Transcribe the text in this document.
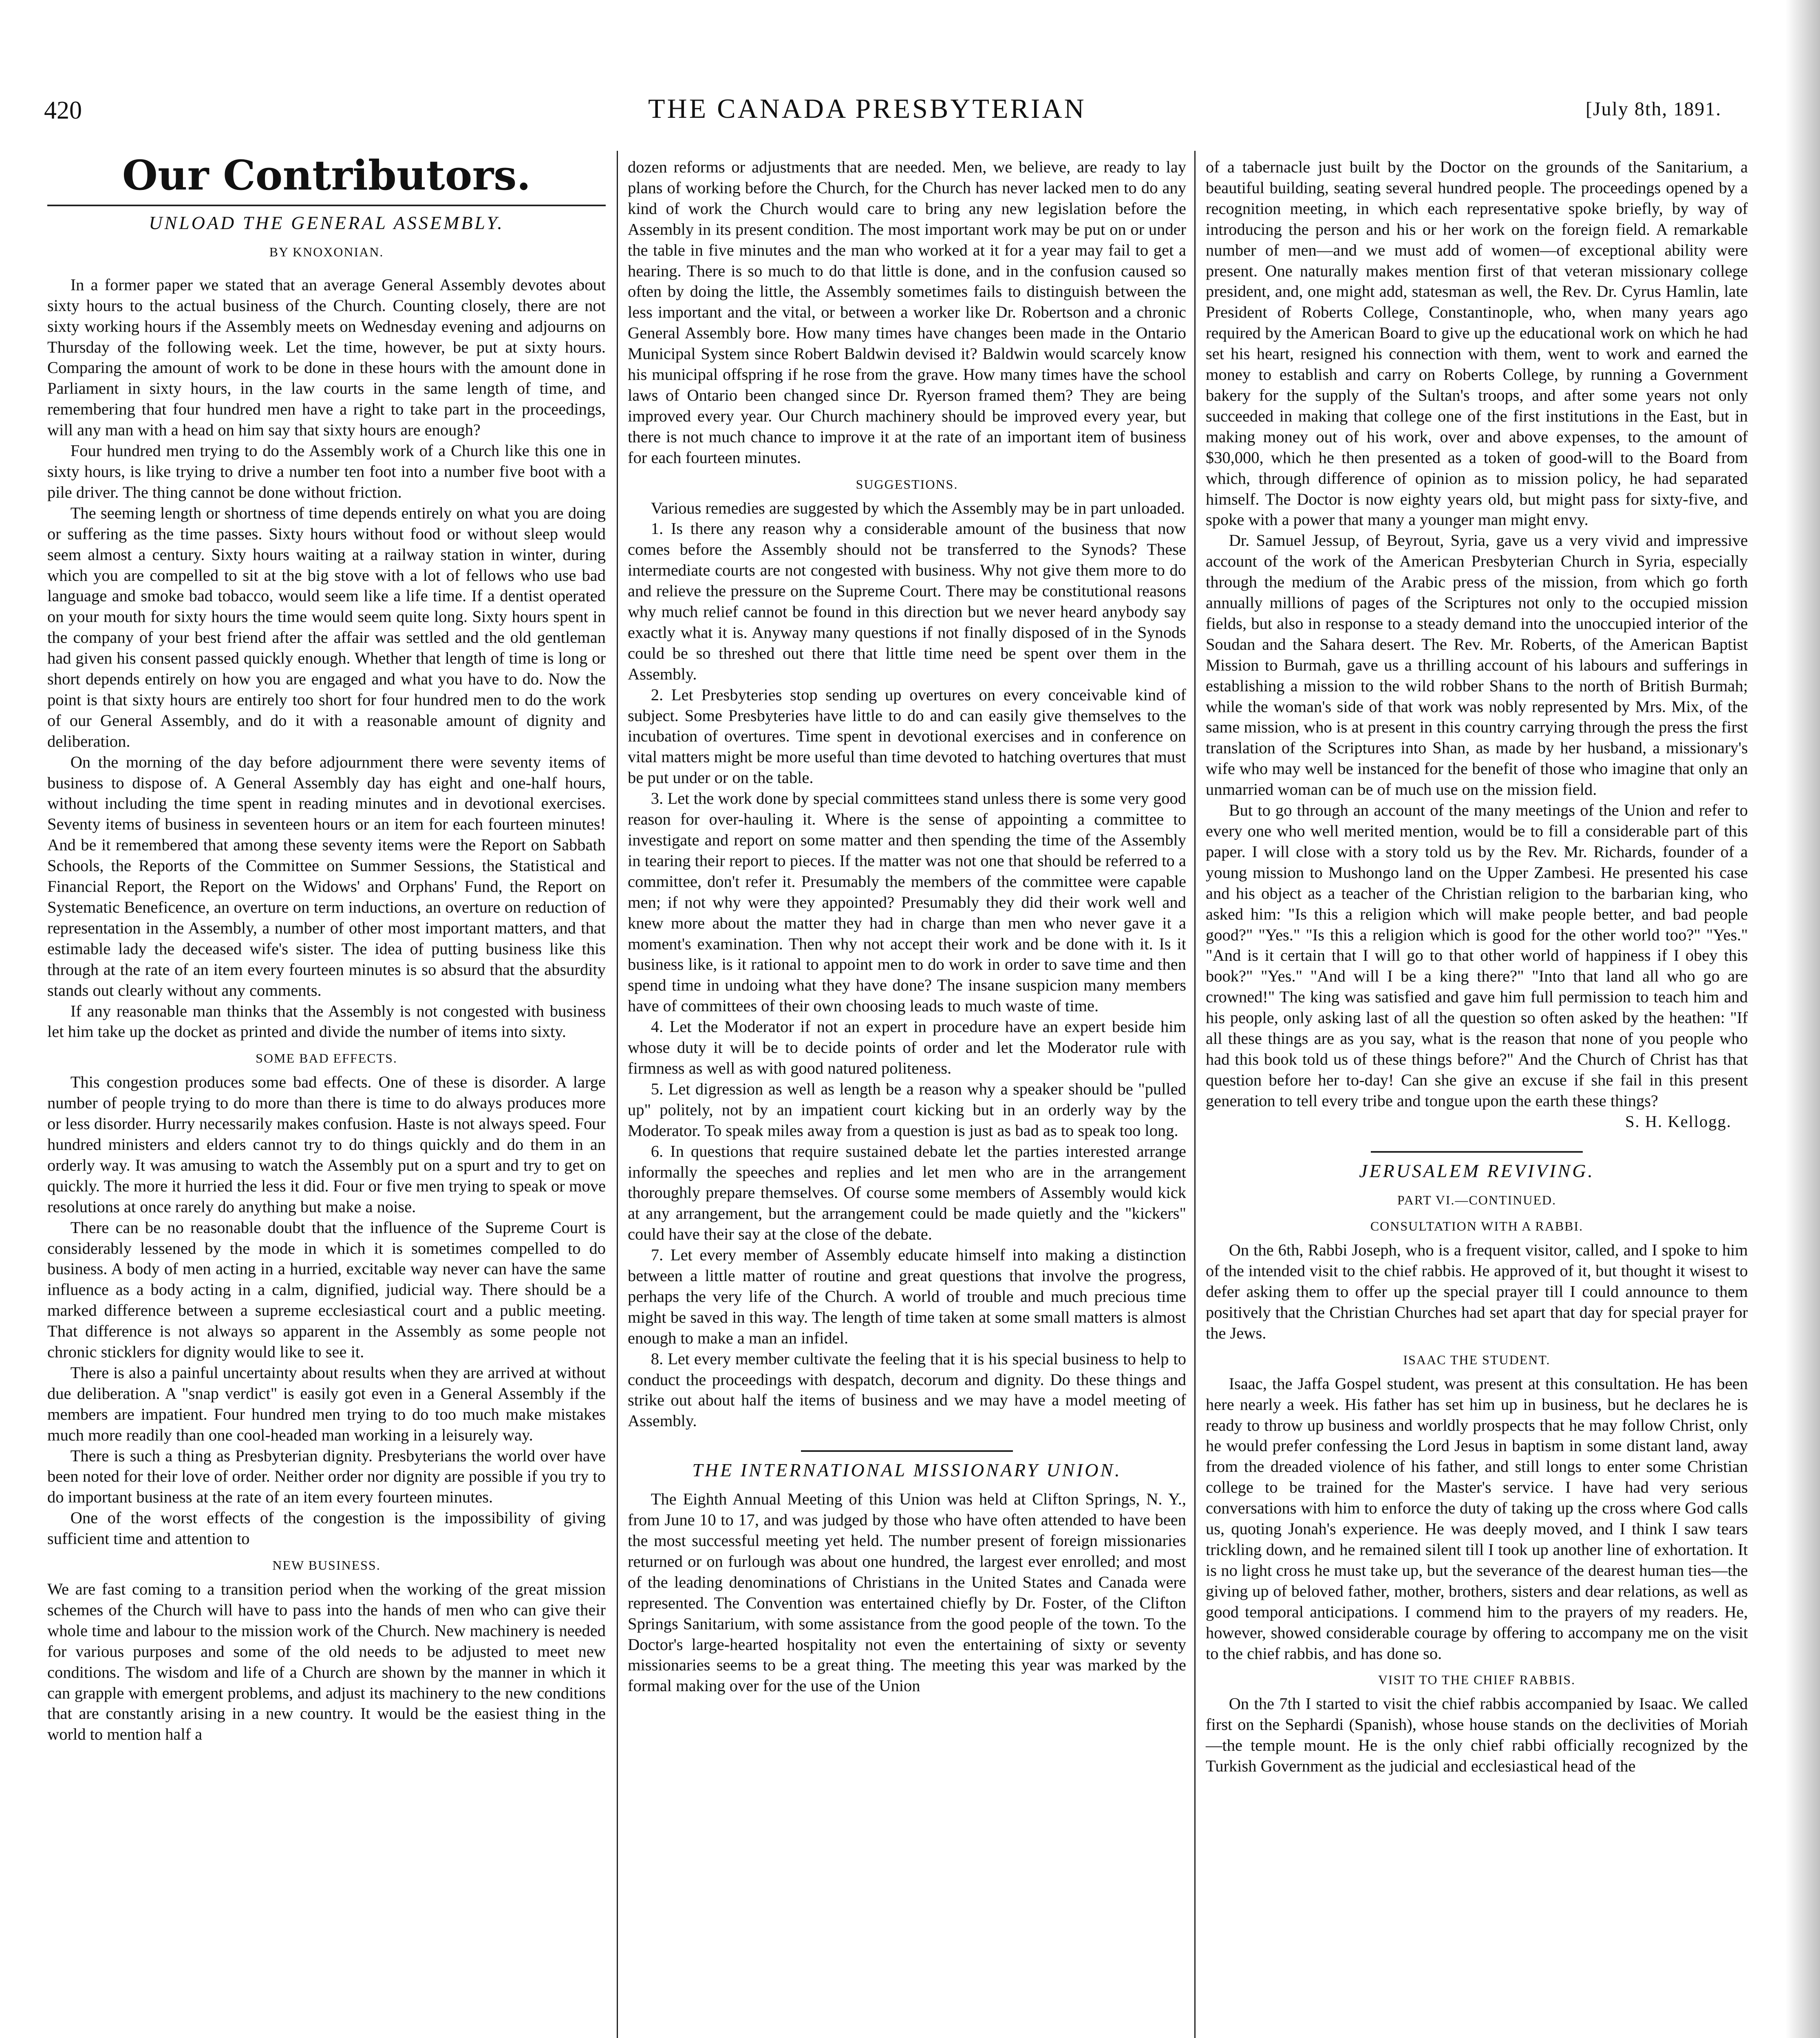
420	THE CANADA PRESBYTERIAN	[July 8th, 1891.
Our Contributors.
UNLOAD THE GENERAL ASSEMBLY.
BY KNOXONIAN.

In a former paper we stated that an average General Assembly devotes about sixty hours to the actual business of the Church. Counting closely, there are not sixty working hours if the Assembly meets on Wednesday evening and adjourns on Thursday of the following week. Let the time, however, be put at sixty hours. Comparing the amount of work to be done in these hours with the amount done in Parliament in sixty hours, in the law courts in the same length of time, and remembering that four hundred men have a right to take part in the proceedings, will any man with a head on him say that sixty hours are enough?

Four hundred men trying to do the Assembly work of a Church like this one in sixty hours, is like trying to drive a number ten foot into a number five boot with a pile driver. The thing cannot be done without friction.

The seeming length or shortness of time depends entirely on what you are doing or suffering as the time passes. Sixty hours without food or without sleep would seem almost a century. Sixty hours waiting at a railway station in winter, during which you are compelled to sit at the big stove with a lot of fellows who use bad language and smoke bad tobacco, would seem like a life time. If a dentist operated on your mouth for sixty hours the time would seem quite long. Sixty hours spent in the company of your best friend after the affair was settled and the old gentleman had given his consent passed quickly enough. Whether that length of time is long or short depends entirely on how you are engaged and what you have to do. Now the point is that sixty hours are entirely too short for four hundred men to do the work of our General Assembly, and do it with a reasonable amount of dignity and deliberation.

On the morning of the day before adjournment there were seventy items of business to dispose of. A General Assembly day has eight and one-half hours, without including the time spent in reading minutes and in devotional exercises. Seventy items of business in seventeen hours or an item for each fourteen minutes! And be it remembered that among these seventy items were the Report on Sabbath Schools, the Reports of the Committee on Summer Sessions, the Statistical and Financial Report, the Report on the Widows' and Orphans' Fund, the Report on Systematic Beneficence, an overture on term inductions, an overture on reduction of representation in the Assembly, a number of other most important matters, and that estimable lady the deceased wife's sister. The idea of putting business like this through at the rate of an item every fourteen minutes is so absurd that the absurdity stands out clearly without any comments.

If any reasonable man thinks that the Assembly is not congested with business let him take up the docket as printed and divide the number of items into sixty.

SOME BAD EFFECTS.

This congestion produces some bad effects. One of these is disorder. A large number of people trying to do more than there is time to do always produces more or less disorder. Hurry necessarily makes confusion. Haste is not always speed. Four hundred ministers and elders cannot try to do things quickly and do them in an orderly way. It was amusing to watch the Assembly put on a spurt and try to get on quickly. The more it hurried the less it did. Four or five men trying to speak or move resolutions at once rarely do anything but make a noise.

There can be no reasonable doubt that the influence of the Supreme Court is considerably lessened by the mode in which it is sometimes compelled to do business. A body of men acting in a hurried, excitable way never can have the same influence as a body acting in a calm, dignified, judicial way. There should be a marked difference between a supreme ecclesiastical court and a public meeting. That difference is not always so apparent in the Assembly as some people not chronic sticklers for dignity would like to see it.

There is also a painful uncertainty about results when they are arrived at without due deliberation. A "snap verdict" is easily got even in a General Assembly if the members are impatient. Four hundred men trying to do too much make mistakes much more readily than one cool-headed man working in a leisurely way.

There is such a thing as Presbyterian dignity. Presbyterians the world over have been noted for their love of order. Neither order nor dignity are possible if you try to do important business at the rate of an item every fourteen minutes.

One of the worst effects of the congestion is the impossibility of giving sufficient time and attention to

NEW BUSINESS.

We are fast coming to a transition period when the working of the great mission schemes of the Church will have to pass into the hands of men who can give their whole time and labour to the mission work of the Church. New machinery is needed for various purposes and some of the old needs to be adjusted to meet new conditions. The wisdom and life of a Church are shown by the manner in which it can grapple with emergent problems, and adjust its machinery to the new conditions that are constantly arising in a new country. It would be the easiest thing in the world to mention half a

dozen reforms or adjustments that are needed. Men, we believe, are ready to lay plans of working before the Church, for the Church has never lacked men to do any kind of work the Church would care to bring any new legislation before the Assembly in its present condition. The most important work may be put on or under the table in five minutes and the man who worked at it for a year may fail to get a hearing. There is so much to do that little is done, and in the confusion caused so often by doing the little, the Assembly sometimes fails to distinguish between the less important and the vital, or between a worker like Dr. Robertson and a chronic General Assembly bore. How many times have changes been made in the Ontario Municipal System since Robert Baldwin devised it? Baldwin would scarcely know his municipal offspring if he rose from the grave. How many times have the school laws of Ontario been changed since Dr. Ryerson framed them? They are being improved every year. Our Church machinery should be improved every year, but there is not much chance to improve it at the rate of an important item of business for each fourteen minutes.

SUGGESTIONS.

Various remedies are suggested by which the Assembly may be in part unloaded.

1. Is there any reason why a considerable amount of the business that now comes before the Assembly should not be transferred to the Synods? These intermediate courts are not congested with business. Why not give them more to do and relieve the pressure on the Supreme Court. There may be constitutional reasons why much relief cannot be found in this direction but we never heard anybody say exactly what it is. Anyway many questions if not finally disposed of in the Synods could be so threshed out there that little time need be spent over them in the Assembly.

2. Let Presbyteries stop sending up overtures on every conceivable kind of subject. Some Presbyteries have little to do and can easily give themselves to the incubation of overtures. Time spent in devotional exercises and in conference on vital matters might be more useful than time devoted to hatching overtures that must be put under or on the table.

3. Let the work done by special committees stand unless there is some very good reason for over-hauling it. Where is the sense of appointing a committee to investigate and report on some matter and then spending the time of the Assembly in tearing their report to pieces. If the matter was not one that should be referred to a committee, don't refer it. Presumably the members of the committee were capable men; if not why were they appointed? Presumably they did their work well and knew more about the matter they had in charge than men who never gave it a moment's examination. Then why not accept their work and be done with it. Is it business like, is it rational to appoint men to do work in order to save time and then spend time in undoing what they have done? The insane suspicion many members have of committees of their own choosing leads to much waste of time.

4. Let the Moderator if not an expert in procedure have an expert beside him whose duty it will be to decide points of order and let the Moderator rule with firmness as well as with good natured politeness.

5. Let digression as well as length be a reason why a speaker should be "pulled up" politely, not by an impatient court kicking but in an orderly way by the Moderator. To speak miles away from a question is just as bad as to speak too long.

6. In questions that require sustained debate let the parties interested arrange informally the speeches and replies and let men who are in the arrangement thoroughly prepare themselves. Of course some members of Assembly would kick at any arrangement, but the arrangement could be made quietly and the "kickers" could have their say at the close of the debate.

7. Let every member of Assembly educate himself into making a distinction between a little matter of routine and great questions that involve the progress, perhaps the very life of the Church. A world of trouble and much precious time might be saved in this way. The length of time taken at some small matters is almost enough to make a man an infidel.

8. Let every member cultivate the feeling that it is his special business to help to conduct the proceedings with despatch, decorum and dignity. Do these things and strike out about half the items of business and we may have a model meeting of Assembly.

THE INTERNATIONAL MISSIONARY UNION.

The Eighth Annual Meeting of this Union was held at Clifton Springs, N. Y., from June 10 to 17, and was judged by those who have often attended to have been the most successful meeting yet held. The number present of foreign missionaries returned or on furlough was about one hundred, the largest ever enrolled; and most of the leading denominations of Christians in the United States and Canada were represented. The Convention was entertained chiefly by Dr. Foster, of the Clifton Springs Sanitarium, with some assistance from the good people of the town. To the Doctor's large-hearted hospitality not even the entertaining of sixty or seventy missionaries seems to be a great thing. The meeting this year was marked by the formal making over for the use of the Union

of a tabernacle just built by the Doctor on the grounds of the Sanitarium, a beautiful building, seating several hundred people. The proceedings opened by a recognition meeting, in which each representative spoke briefly, by way of introducing the person and his or her work on the foreign field. A remarkable number of men—and we must add of women—of exceptional ability were present. One naturally makes mention first of that veteran missionary college president, and, one might add, statesman as well, the Rev. Dr. Cyrus Hamlin, late President of Roberts College, Constantinople, who, when many years ago required by the American Board to give up the educational work on which he had set his heart, resigned his connection with them, went to work and earned the money to establish and carry on Roberts College, by running a Government bakery for the supply of the Sultan's troops, and after some years not only succeeded in making that college one of the first institutions in the East, but in making money out of his work, over and above expenses, to the amount of $30,000, which he then presented as a token of good-will to the Board from which, through difference of opinion as to mission policy, he had separated himself. The Doctor is now eighty years old, but might pass for sixty-five, and spoke with a power that many a younger man might envy.

Dr. Samuel Jessup, of Beyrout, Syria, gave us a very vivid and impressive account of the work of the American Presbyterian Church in Syria, especially through the medium of the Arabic press of the mission, from which go forth annually millions of pages of the Scriptures not only to the occupied mission fields, but also in response to a steady demand into the unoccupied interior of the Soudan and the Sahara desert. The Rev. Mr. Roberts, of the American Baptist Mission to Burmah, gave us a thrilling account of his labours and sufferings in establishing a mission to the wild robber Shans to the north of British Burmah; while the woman's side of that work was nobly represented by Mrs. Mix, of the same mission, who is at present in this country carrying through the press the first translation of the Scriptures into Shan, as made by her husband, a missionary's wife who may well be instanced for the benefit of those who imagine that only an unmarried woman can be of much use on the mission field.

But to go through an account of the many meetings of the Union and refer to every one who well merited mention, would be to fill a considerable part of this paper. I will close with a story told us by the Rev. Mr. Richards, founder of a young mission to Mushongo land on the Upper Zambesi. He presented his case and his object as a teacher of the Christian religion to the barbarian king, who asked him: "Is this a religion which will make people better, and bad people good?" "Yes." "Is this a religion which is good for the other world too?" "Yes." "And is it certain that I will go to that other world of happiness if I obey this book?" "Yes." "And will I be a king there?" "Into that land all who go are crowned!" The king was satisfied and gave him full permission to teach him and his people, only asking last of all the question so often asked by the heathen: "If all these things are as you say, what is the reason that none of you people who had this book told us of these things before?" And the Church of Christ has that question before her to-day! Can she give an excuse if she fail in this present generation to tell every tribe and tongue upon the earth these things?

S. H. Kellogg.
JERUSALEM REVIVING.
PART VI.—CONTINUED.
CONSULTATION WITH A RABBI.

On the 6th, Rabbi Joseph, who is a frequent visitor, called, and I spoke to him of the intended visit to the chief rabbis. He approved of it, but thought it wisest to defer asking them to offer up the special prayer till I could announce to them positively that the Christian Churches had set apart that day for special prayer for the Jews.

ISAAC THE STUDENT.

Isaac, the Jaffa Gospel student, was present at this consultation. He has been here nearly a week. His father has set him up in business, but he declares he is ready to throw up business and worldly prospects that he may follow Christ, only he would prefer confessing the Lord Jesus in baptism in some distant land, away from the dreaded violence of his father, and still longs to enter some Christian college to be trained for the Master's service. I have had very serious conversations with him to enforce the duty of taking up the cross where God calls us, quoting Jonah's experience. He was deeply moved, and I think I saw tears trickling down, and he remained silent till I took up another line of exhortation. It is no light cross he must take up, but the severance of the dearest human ties—the giving up of beloved father, mother, brothers, sisters and dear relations, as well as good temporal anticipations. I commend him to the prayers of my readers. He, however, showed considerable courage by offering to accompany me on the visit to the chief rabbis, and has done so.

VISIT TO THE CHIEF RABBIS.

On the 7th I started to visit the chief rabbis accompanied by Isaac. We called first on the Sephardi (Spanish), whose house stands on the declivities of Moriah—the temple mount. He is the only chief rabbi officially recognized by the Turkish Government as the judicial and ecclesiastical head of the
